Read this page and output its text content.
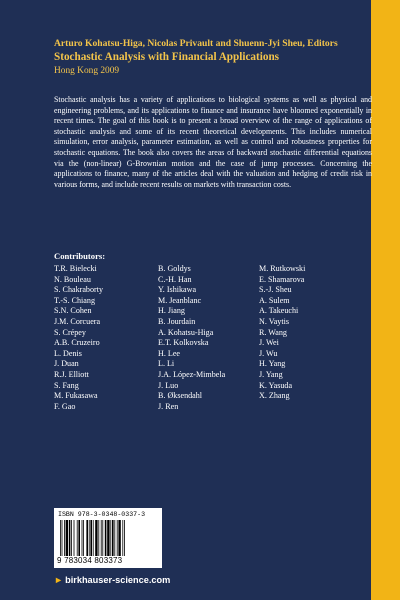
Arturo Kohatsu-Higa, Nicolas Privault and Shuenn-Jyi Sheu, Editors
Stochastic Analysis with Financial Applications
Hong Kong 2009

Stochastic analysis has a variety of applications to biological systems as well as physical and engineering problems, and its applications to finance and insurance have bloomed exponentially in recent times. The goal of this book is to present a broad overview of the range of applications of stochastic analysis and some of its recent theoretical developments. This includes numerical simulation, error analysis, parameter estimation, as well as control and robustness properties for stochastic equations. The book also covers the areas of backward stochastic differential equations via the (non-linear) G-Brownian motion and the case of jump processes. Concerning the applications to finance, many of the articles deal with the valuation and hedging of credit risk in various forms, and include recent results on markets with transaction costs.

Contributors:
T.R. Bielecki
N. Bouleau
S. Chakraborty
T.-S. Chiang
S.N. Cohen
J.M. Corcuera
S. Crépey
A.B. Cruzeiro
L. Denis
J. Duan
R.J. Elliott
S. Fang
M. Fukasawa
F. Gao
B. Goldys
C.-H. Han
Y. Ishikawa
M. Jeanblanc
H. Jiang
B. Jourdain
A. Kohatsu-Higa
E.T. Kolkovska
H. Lee
L. Li
J.A. López-Mimbela
J. Luo
B. Øksendahl
J. Ren
M. Rutkowski
E. Shamarova
S.-J. Sheu
A. Sulem
A. Takeuchi
N. Vaytis
R. Wang
J. Wei
J. Wu
H. Yang
J. Yang
K. Yasuda
X. Zhang
ISBN 978-3-0348-0337-3
9 783034 803373
► birkhauser-science.com
